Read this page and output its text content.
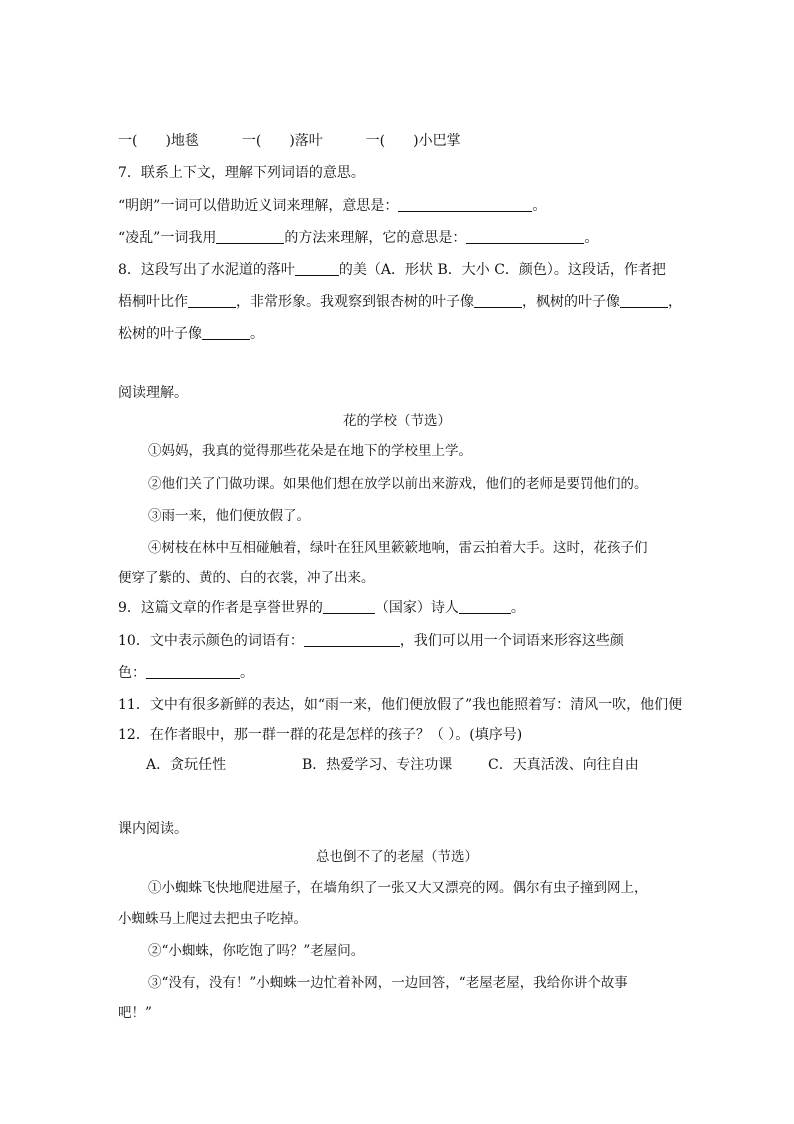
一( )地毯	一( )落叶	一( )小巴掌
7．联系上下文，理解下列词语的意思。
“明朗”一词可以借助近义词来理解，意思是：	。
“凌乱”一词我用	的方法来理解，它的意思是：	。
8．这段写出了水泥道的落叶	的美（A．形状 B．大小 C．颜色）。这段话，作者把
梧桐叶比作	，非常形象。我观察到银杏树的叶子像	，枫树的叶子像	，
松树的叶子像	。
阅读理解。
花的学校（节选）
①妈妈，我真的觉得那些花朵是在地下的学校里上学。
②他们关了门做功课。如果他们想在放学以前出来游戏，他们的老师是要罚他们的。
③雨一来，他们便放假了。
④树枝在林中互相碰触着，绿叶在狂风里簌簌地响，雷云拍着大手。这时，花孩子们
便穿了紫的、黄的、白的衣裳，冲了出来。
9．这篇文章的作者是享誉世界的	（国家）诗人	。
10．文中表示颜色的词语有：	，我们可以用一个词语来形容这些颜
色：	。
11．文中有很多新鲜的表达，如“雨一来，他们便放假了”我也能照着写：清风一吹，他们便
12．在作者眼中，那一群一群的花是怎样的孩子？（ ）。(填序号)
A．贪玩任性	B．热爱学习、专注功课	C．天真活泼、向往自由
课内阅读。
总也倒不了的老屋（节选）
①小蜘蛛飞快地爬进屋子，在墙角织了一张又大又漂亮的网。偶尔有虫子撞到网上，
小蜘蛛马上爬过去把虫子吃掉。
②“小蜘蛛，你吃饱了吗？”老屋问。
③“没有，没有！”小蜘蛛一边忙着补网，一边回答，“老屋老屋，我给你讲个故事
吧！”
